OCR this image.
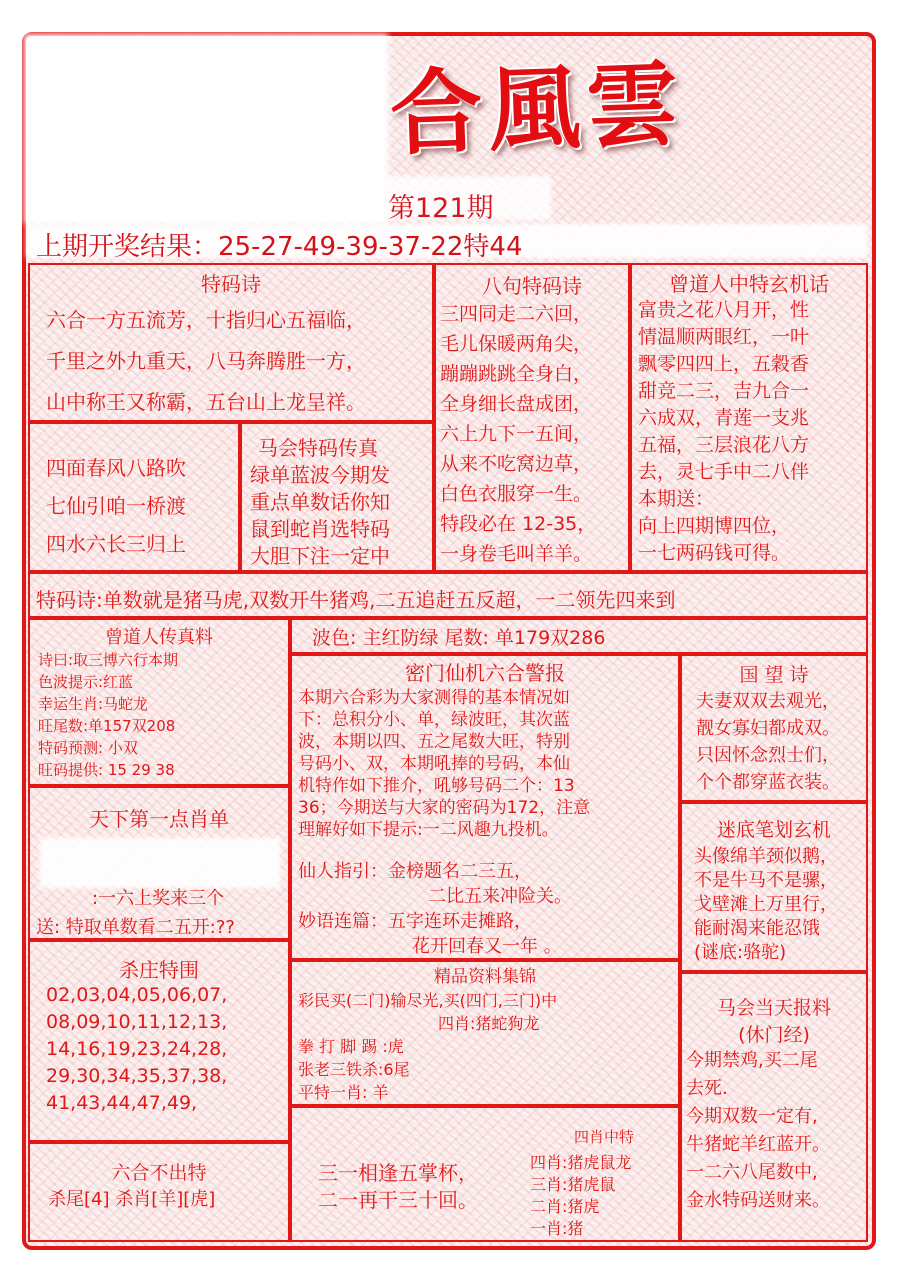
合風雲
第121期
上期开奖结果：25-27-49-39-37-22特44
特码诗
六合一方五流芳，十指归心五福临，
千里之外九重天，八马奔腾胜一方，
山中称王又称霸，五台山上龙呈祥。
四面春风八路吹
七仙引咱一桥渡
四水六长三归上
马会特码传真
绿单蓝波今期发
重点单数话你知
鼠到蛇肖选特码
大胆下注一定中
八句特码诗
三四同走二六回，
毛儿保暖两角尖，
蹦蹦跳跳全身白，
全身细长盘成团，
六上九下一五间，
从来不吃窝边草，
白色衣服穿一生。
特段必在 12-35，
一身卷毛叫羊羊。
曾道人中特玄机话
富贵之花八月开，性
情温顺两眼红，一叶
飘零四四上，五穀香
甜竞二三，吉九合一
六成双，青莲一支兆
五福，三层浪花八方
去，灵七手中二八伴
本期送：
向上四期博四位，
一七两码钱可得。
特码诗:单数就是猪马虎,双数开牛猪鸡,二五追赶五反超，一二领先四来到
曾道人传真料
诗曰:取三博六行本期
色波提示:红蓝
幸运生肖:马蛇龙
旺尾数:单157双208
特码预测: 小双
旺码提供: 15 29 38
波色: 主红防绿 尾数: 单179双286
密门仙机六合警报
本期六合彩为大家测得的基本情况如
下：总积分小、单，绿波旺，其次蓝
波，本期以四、五之尾数大旺，特别
号码小、双，本期吼捧的号码，本仙
机特作如下推介，吼够号码二个：13
36；今期送与大家的密码为172，注意
理解好如下提示:一二风趣九投机。
仙人指引：金榜题名二三五，
二比五来冲险关。
妙语连篇：五字连环走摊路，
花开回春又一年 。
国 望 诗
夫妻双双去观光，
靓女寡妇都成双。
只因怀念烈士们，
个个都穿蓝衣装。
天下第一点肖单
:一六上奖来三个
送: 特取单数看二五开:??
迷底笔划玄机
头像绵羊颈似鹅，
不是牛马不是骡，
戈壁滩上万里行，
能耐渴来能忍饿
(谜底:骆驼)
杀庄特围
02,03,04,05,06,07,
08,09,10,11,12,13,
14,16,19,23,24,28,
29,30,34,35,37,38,
41,43,44,47,49,
精品资料集锦
彩民买(二门)输尽光,买(四门,三门)中
四肖:猪蛇狗龙
拳 打 脚 踢 :虎
张老三铁杀:6尾
平特一肖: 羊
马会当天报料
(休门经)
今期禁鸡,买二尾
去死.
今期双数一定有,
牛猪蛇羊红蓝开。
一二六八尾数中,
金水特码送财来。
六合不出特
杀尾[4] 杀肖[羊][虎]
三一相逢五掌杯，
二一再干三十回。
四肖中特
四肖:猪虎鼠龙
三肖:猪虎鼠
二肖:猪虎
一肖:猪
